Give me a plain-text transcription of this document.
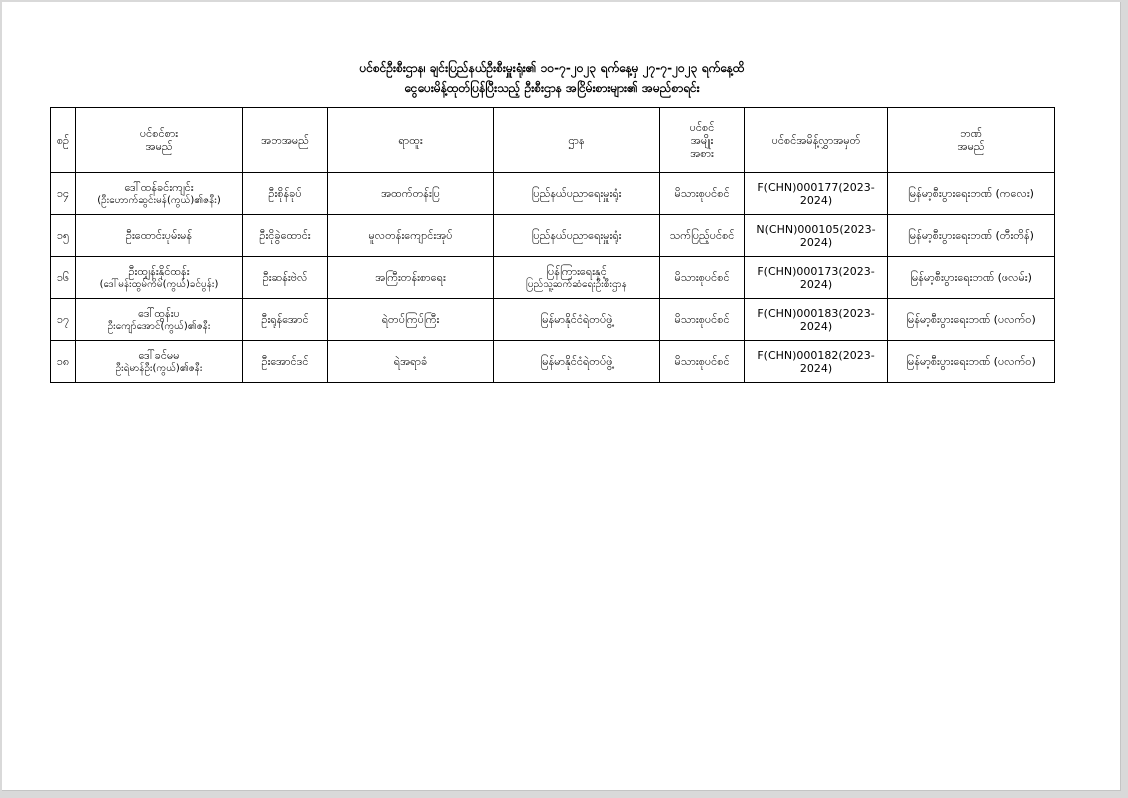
ပင်စင်ဦးစီးဌာန၊ ချင်းပြည်နယ်ဦးစီးမှူးရုံး၏ ၁၀-၇-၂၀၂၃ ရက်နေ့မှ ၂၇-၇-၂၀၂၃ ရက်နေ့ထိ
ငွေပေးမိန့်ထုတ်ပြန်ပြီးသည့် ဦးစီးဌာန အငြိမ်းစားများ၏ အမည်စာရင်း
စဉ်	ပင်စင်စား
အမည်	အဘအမည်	ရာထူး	ဌာန	ပင်စင်
အမျိုး
အစား	ပင်စင်အမိန့်လွှာအမှတ်	ဘဏ်
အမည်

၁၄	ဒေါ်ထန်ခင်းကျင်း
(ဦးဟောက်ဆွင်းမန်(ကွယ်)၏ဇနီး)	ဦးစိုန်ခုပ်	အထက်တန်းပြ	ပြည်နယ်ပညာရေးမှူးရုံး	မိသားစုပင်စင်	F(CHN)000177(2023-2024)	မြန်မာ့စီးပွားရေးဘဏ် (ကလေး)
၁၅	ဦးထောင်းပုမ်းမန်	ဦးငိုခွဲထောင်း	မူလတန်းကျောင်းအုပ်	ပြည်နယ်ပညာရေးမှူးရုံး	သက်ပြည့်ပင်စင်	N(CHN)000105(2023-2024)	မြန်မာ့စီးပွားရေးဘဏ် (တီးတိန်)
၁၆	ဦးထျှန်းနိုင်ထန်း
(ဒေါ်မန်းထွမ်ကိမ်(ကွယ်)ခင်ပွန်း)	ဦးဆန်းဗဲလ်	အကြီးတန်းစာရေး	ပြန်ကြားရေးနှင့်
ပြည်သူ့ဆက်ဆံရေးဦးစီးဌာန	မိသားစုပင်စင်	F(CHN)000173(2023-2024)	မြန်မာ့စီးပွားရေးဘဏ် (ဖလမ်း)
၁၇	ဒေါ်ထွန်းပ
ဦးကျော်အောင်(ကွယ်)၏ဇနီး	ဦးရုန်အောင်	ရဲတပ်ကြပ်ကြီး	မြန်မာနိုင်ငံရဲတပ်ဖွဲ့	မိသားစုပင်စင်	F(CHN)000183(2023-2024)	မြန်မာ့စီးပွားရေးဘဏ် (ပလက်ဝ)
၁၈	ဒေါ်ခင်မမ
ဦးရဲမာန်ဦး(ကွယ်)၏ဇနီး	ဦးအောင်ဒင်	ရဲအရာခံ	မြန်မာနိုင်ငံရဲတပ်ဖွဲ့	မိသားစုပင်စင်	F(CHN)000182(2023-2024)	မြန်မာ့စီးပွားရေးဘဏ် (ပလက်ဝ)
